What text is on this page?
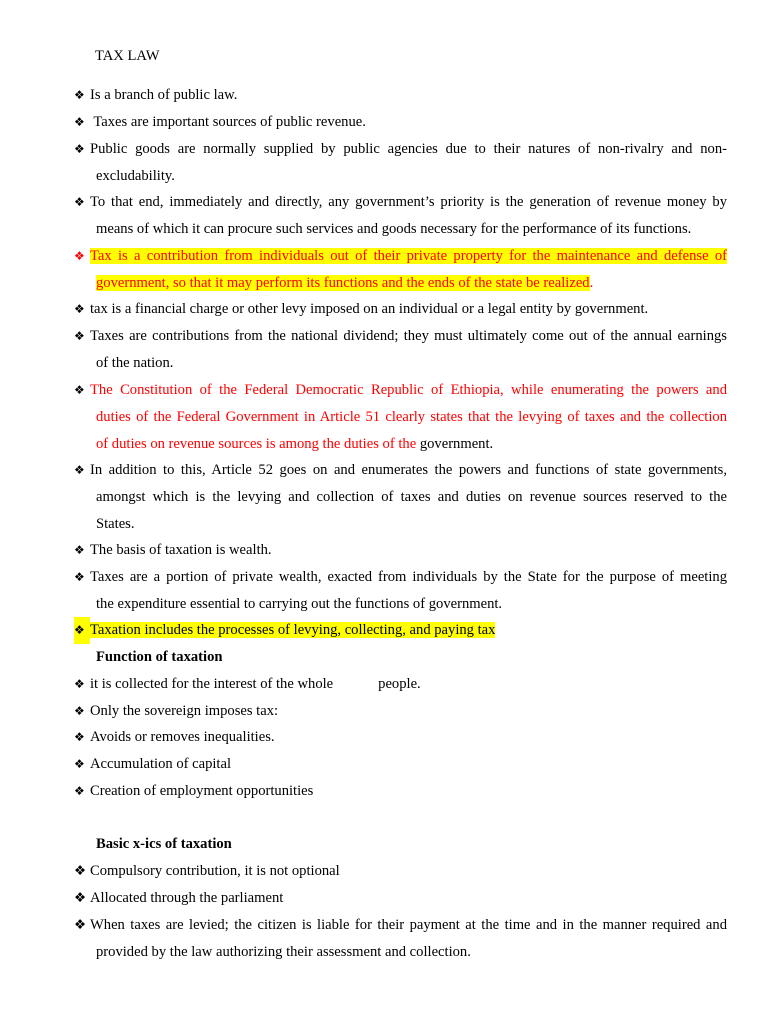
TAX LAW
❖ Is a branch of public law.
❖ Taxes are important sources of public revenue.
❖ Public goods are normally supplied by public agencies due to their natures of non-rivalry and non-
excludability.
❖ To that end, immediately and directly, any government’s priority is the generation of revenue money by
means of which it can procure such services and goods necessary for the performance of its functions.
❖ Tax is a contribution from individuals out of their private property for the maintenance and defense of
government, so that it may perform its functions and the ends of the state be realized.
❖ tax is a financial charge or other levy imposed on an individual or a legal entity by government.
❖ Taxes are contributions from the national dividend; they must ultimately come out of the annual earnings
of the nation.
❖ The Constitution of the Federal Democratic Republic of Ethiopia, while enumerating the powers and
duties of the Federal Government in Article 51 clearly states that the levying of taxes and the collection
of duties on revenue sources is among the duties of the government.
❖ In addition to this, Article 52 goes on and enumerates the powers and functions of state governments,
amongst which is the levying and collection of taxes and duties on revenue sources reserved to the
States.
❖ The basis of taxation is wealth.
❖ Taxes are a portion of private wealth, exacted from individuals by the State for the purpose of meeting
the expenditure essential to carrying out the functions of government.
❖ Taxation includes the processes of levying, collecting, and paying tax
Function of taxation
❖ it is collected for the interest of the whole	people.
❖ Only the sovereign imposes tax:
❖ Avoids or removes inequalities.
❖ Accumulation of capital
❖ Creation of employment opportunities
Basic x-ics of taxation
❖ Compulsory contribution, it is not optional
❖ Allocated through the parliament
❖ When taxes are levied; the citizen is liable for their payment at the time and in the manner required and
provided by the law authorizing their assessment and collection.
